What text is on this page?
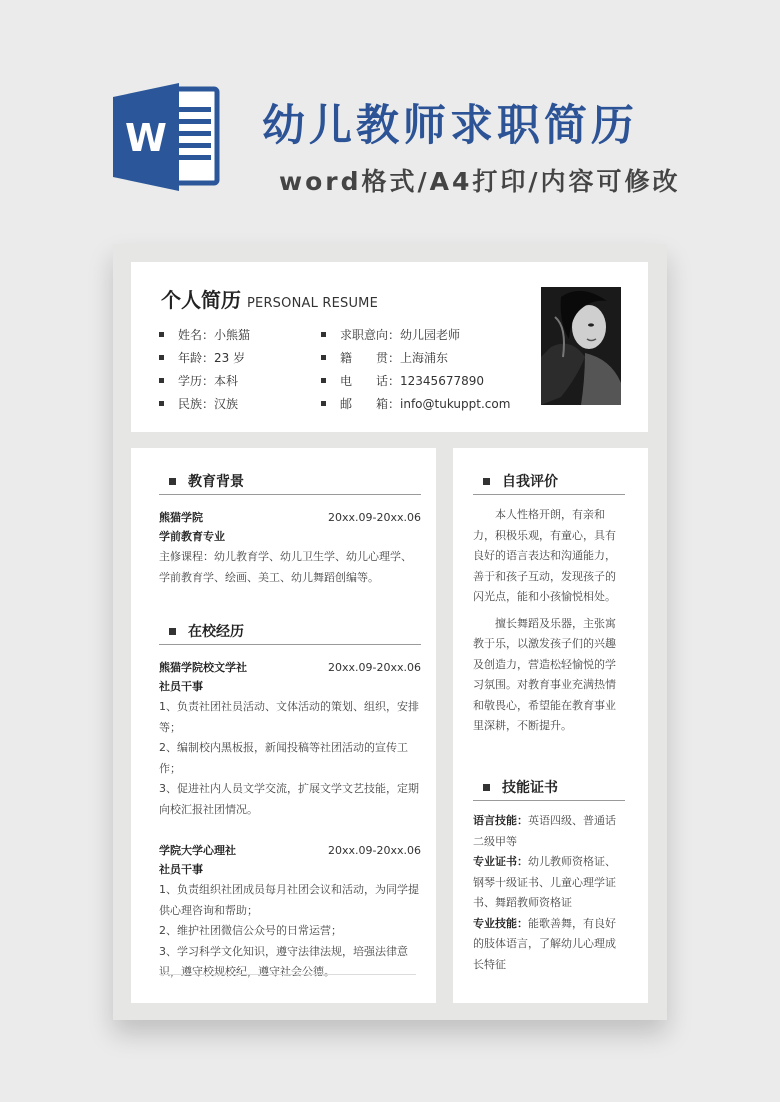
W 幼儿教师求职简历
word格式/A4打印/内容可修改
个人简历 PERSONAL RESUME
姓名： 小熊猫
年龄： 23 岁
学历： 本科
民族： 汉族
求职意向： 幼儿园老师
籍　　贯： 上海浦东
电　　话： 12345677890
邮　　箱： info@tukuppt.com
教育背景
熊猫学院	20xx.09-20xx.06
学前教育专业
主修课程：幼儿教育学、幼儿卫生学、幼儿心理学、学前教育学、绘画、美工、幼儿舞蹈创编等。
在校经历
熊猫学院校文学社	20xx.09-20xx.06
社员干事

1、负责社团社员活动、文体活动的策划、组织，安排等；

2、编制校内黑板报，新闻投稿等社团活动的宣传工作；

3、促进社内人员文学交流，扩展文学文艺技能，定期向校汇报社团情况。

学院大学心理社	20xx.09-20xx.06
社员干事

1、负责组织社团成员每月社团会议和活动，为同学提供心理咨询和帮助；

2、维护社团微信公众号的日常运营；

3、学习科学文化知识，遵守法律法规，培强法律意识，遵守校规校纪，遵守社会公德。

自我评价

本人性格开朗，有亲和力，积极乐观，有童心，具有良好的语言表达和沟通能力，善于和孩子互动，发现孩子的闪光点，能和小孩愉悦相处。

擅长舞蹈及乐器，主张寓教于乐，以激发孩子们的兴趣及创造力，营造松轻愉悦的学习氛围。对教育事业充满热情和敬畏心，希望能在教育事业里深耕，不断提升。

技能证书

语言技能：英语四级、普通话二级甲等

专业证书：幼儿教师资格证、钢琴十级证书、儿童心理学证书、舞蹈教师资格证

专业技能：能歌善舞，有良好的肢体语言，了解幼儿心理成长特征
